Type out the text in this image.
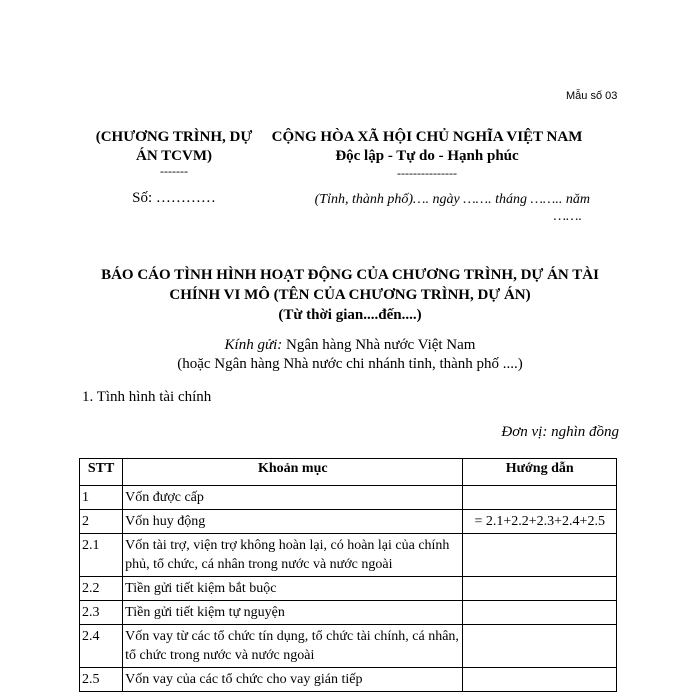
Mẫu số 03
(CHƯƠNG TRÌNH, DỰ
ÁN TCVM)
-------
Số: …………
CỘNG HÒA XÃ HỘI CHỦ NGHĨA VIỆT NAM
Độc lập - Tự do - Hạnh phúc
---------------
(Tỉnh, thành phố)…. ngày ……. tháng …….. năm
…….
BÁO CÁO TÌNH HÌNH HOẠT ĐỘNG CỦA CHƯƠNG TRÌNH, DỰ ÁN TÀI
CHÍNH VI MÔ (TÊN CỦA CHƯƠNG TRÌNH, DỰ ÁN)
(Từ thời gian....đến....)
Kính gửi: Ngân hàng Nhà nước Việt Nam
(hoặc Ngân hàng Nhà nước chi nhánh tỉnh, thành phố ....)
1. Tình hình tài chính
Đơn vị: nghìn đồng
STT	Khoản mục	Hướng dẫn
1	Vốn được cấp	
2	Vốn huy động	= 2.1+2.2+2.3+2.4+2.5
2.1	Vốn tài trợ, viện trợ không hoàn lại, có hoàn lại của chính phủ, tổ chức, cá nhân trong nước và nước ngoài	
2.2	Tiền gửi tiết kiệm bắt buộc	
2.3	Tiền gửi tiết kiệm tự nguyện	
2.4	Vốn vay từ các tổ chức tín dụng, tổ chức tài chính, cá nhân, tổ chức trong nước và nước ngoài	
2.5	Vốn vay của các tổ chức cho vay gián tiếp	
